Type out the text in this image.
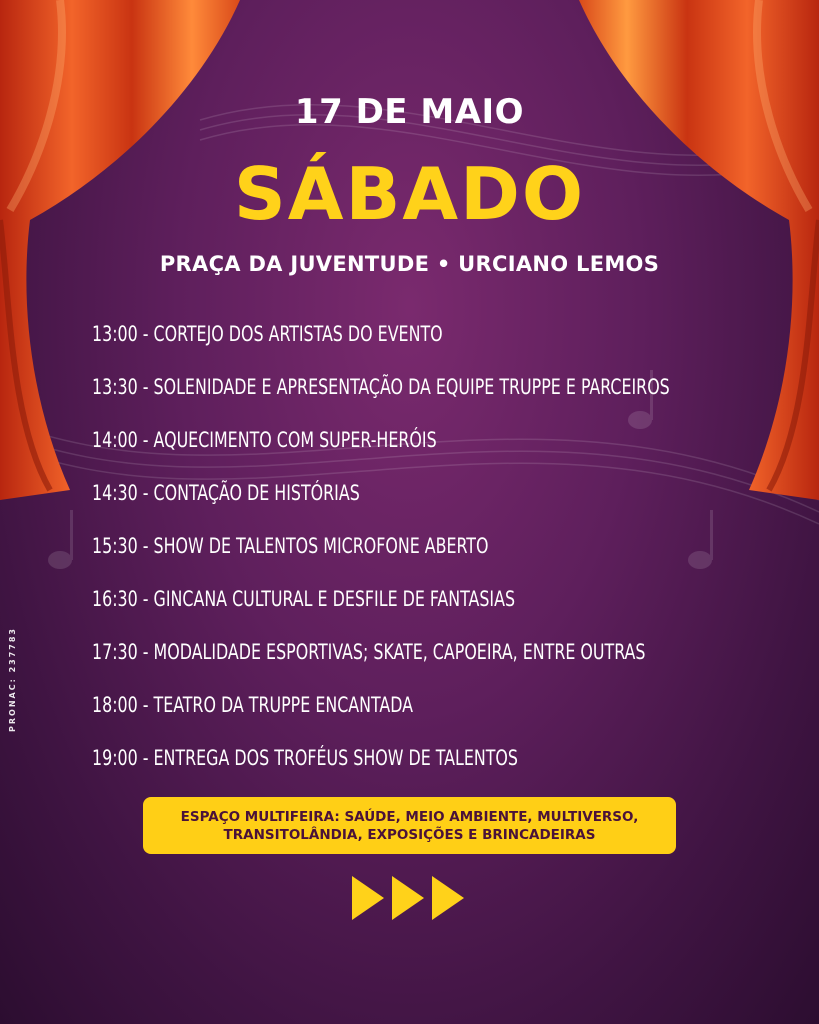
17 DE MAIO
SÁBADO
PRAÇA DA JUVENTUDE • URCIANO LEMOS
13:00 - CORTEJO DOS ARTISTAS DO EVENTO
13:30 - SOLENIDADE E APRESENTAÇÃO DA EQUIPE TRUPPE E PARCEIROS
14:00 - AQUECIMENTO COM SUPER-HERÓIS
14:30 - CONTAÇÃO DE HISTÓRIAS
15:30 - SHOW DE TALENTOS MICROFONE ABERTO
16:30 - GINCANA CULTURAL E DESFILE DE FANTASIAS
17:30 - MODALIDADE ESPORTIVAS; SKATE, CAPOEIRA, ENTRE OUTRAS
18:00 - TEATRO DA TRUPPE ENCANTADA
19:00 - ENTREGA DOS TROFÉUS SHOW DE TALENTOS
PRONAC: 237783
ESPAÇO MULTIFEIRA: SAÚDE, MEIO AMBIENTE, MULTIVERSO,
TRANSITOLÂNDIA, EXPOSIÇÕES E BRINCADEIRAS
